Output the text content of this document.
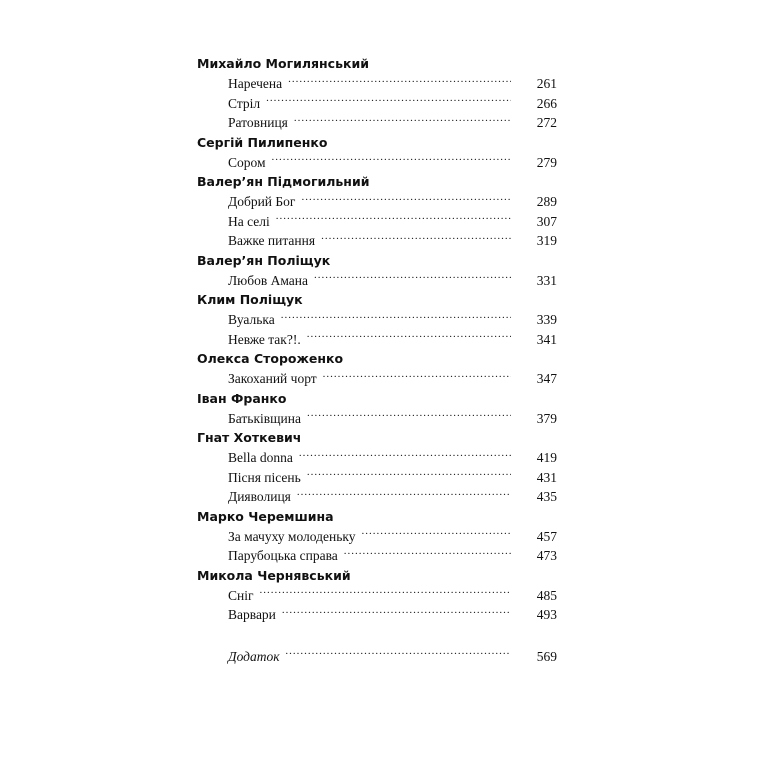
Михайло Могилянський
Наречена .....	261
Стріл .....	266
Ратовниця .....	272
Сергій Пилипенко
Сором .....	279
Валер’ян Підмогильний
Добрий Бог .....	289
На селі .....	307
Важке питання .....	319
Валер’ян Поліщук
Любов Амана .....	331
Клим Поліщук
Вуалька .....	339
Невже так?!. .....	341
Олекса Стороженко
Закоханий чорт .....	347
Іван Франко
Батьківщина .....	379
Гнат Хоткевич
Bella donna .....	419
Пісня пісень .....	431
Дияволиця .....	435
Марко Черемшина
За мачуху молоденьку .....	457
Парубоцька справа .....	473
Микола Чернявський
Сніг .....	485
Варвари .....	493
Додаток .....	569
